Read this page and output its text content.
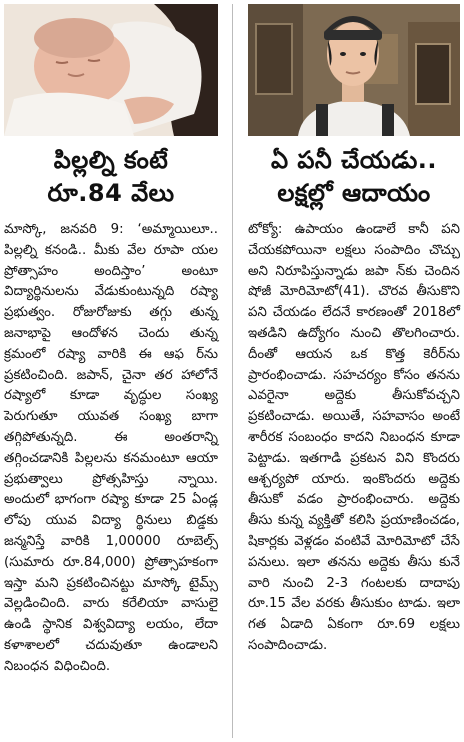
పిల్లల్ని కంటే
రూ.84 వేలు
మాస్కో, జనవరి 9: ‘అమ్మాయిలూ.. పిల్లల్ని కనండి.. మీకు వేల రూపా యల ప్రోత్సాహం అందిస్తాం’ అంటూ విద్యార్థినులను వేడుకుంటున్నది రష్యా ప్రభుత్వం. రోజురోజుకు తగ్గు తున్న జనాభాపై ఆందోళన చెందు తున్న క్రమంలో రష్యా వారికి ఈ ఆఫ ర్‌ను ప్రకటించింది. జపాన్‌, చైనా తర హాలోనే రష్యాలో కూడా వృద్ధుల సంఖ్య పెరుగుతూ యువత సంఖ్య బాగా తగ్గిపోతున్నది. ఈ అంతరాన్ని తగ్గించడానికి పిల్లలను కనమంటూ ఆయా ప్రభుత్వాలు ప్రోత్సహిస్తు న్నాయి. అందులో భాగంగా రష్యా కూడా 25 ఏండ్ల లోపు యువ విద్యా ర్థినులు బిడ్డకు జన్మనిస్తే వారికి 1,00000 రూబెల్స్‌ (సుమారు రూ.84,000) ప్రోత్సాహకంగా ఇస్తా మని ప్రకటించినట్టు మాస్కో టైమ్స్‌ వెల్లడించింది. వారు కరేలియా వాసులై ఉండి స్థానిక విశ్వవిద్యా లయం, లేదా కళాశాలలో చదువుతూ ఉండాలని నిబంధన విధించింది.
ఏ పనీ చేయడు..
లక్షల్లో ఆదాయం
టోక్యో: ఉపాయం ఉండాలే కానీ పని చేయకపోయినా లక్షలు సంపాదిం చొచ్చు అని నిరూపిస్తున్నాడు జపా న్‌కు చెందిన షోజీ మోరిమోటో(41). చొరవ తీసుకొని పని చేయడం లేదనే కారణంతో 2018లో ఇతడిని ఉద్యోగం నుంచి తొలగించారు. దీంతో ఆయన ఒక కొత్త కెరీర్‌ను ప్రారంభించాడు. సహచర్యం కోసం తనను ఎవరైనా అద్దెకు తీసుకోవచ్చని ప్రకటించాడు. అయితే, సహవాసం అంటే శారీరక సంబంధం కాదని నిబంధన కూడా పెట్టాడు. ఇతగాడి ప్రకటన విని కొందరు ఆశ్చర్యపో యారు. ఇంకొందరు అద్దెకు తీసుకో వడం ప్రారంభించారు. అద్దెకు తీసు కున్న వ్యక్తితో కలిసి ప్రయాణించడం, షికార్లకు వెళ్లడం వంటివే మోరిమోటో చేసే పనులు. ఇలా తనను అద్దెకు తీసు కునే వారి నుంచి 2-3 గంటలకు దాదాపు రూ.15 వేల వరకు తీసుకుం టాడు. ఇలా గత ఏడాది ఏకంగా రూ.69 లక్షలు సంపాదించాడు.
